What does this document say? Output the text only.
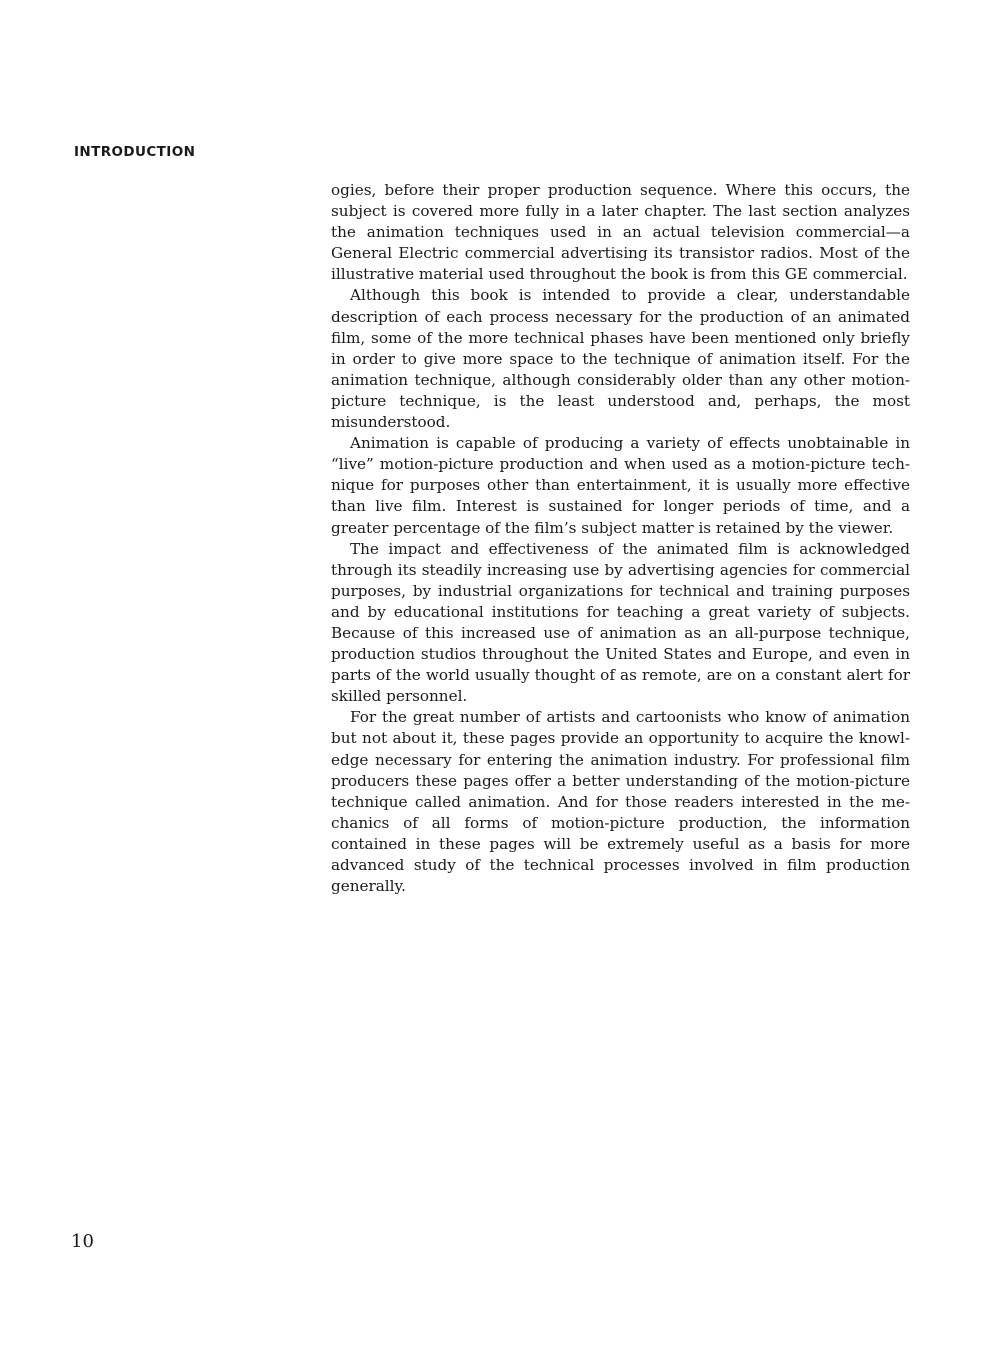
INTRODUCTION

ogies, before their proper production sequence. Where this occurs, the subject is covered more fully in a later chapter. The last section analyzes the animation techniques used in an actual television commercial—a General Electric commercial advertising its transistor radios. Most of the illustrative material used throughout the book is from this GE commercial.

Although this book is intended to provide a clear, understandable description of each process necessary for the production of an animated film, some of the more technical phases have been mentioned only briefly in order to give more space to the technique of animation itself. For the animation technique, although considerably older than any other motion-picture technique, is the least understood and, perhaps, the most misunderstood.

Animation is capable of producing a variety of effects unobtainable in “live” motion-picture production and when used as a motion-picture technique for purposes other than entertainment, it is usually more effective than live film. Interest is sustained for longer periods of time, and a greater percentage of the film’s subject matter is retained by the viewer.

The impact and effectiveness of the animated film is acknowledged through its steadily increasing use by advertising agencies for commercial purposes, by industrial organizations for technical and training purposes and by educational institutions for teaching a great variety of subjects. Because of this increased use of animation as an all-purpose technique, production studios throughout the United States and Europe, and even in parts of the world usually thought of as remote, are on a constant alert for skilled personnel.

For the great number of artists and cartoonists who know of animation but not about it, these pages provide an opportunity to acquire the knowledge necessary for entering the animation industry. For professional film producers these pages offer a better understanding of the motion-picture technique called animation. And for those readers interested in the mechanics of all forms of motion-picture production, the information contained in these pages will be extremely useful as a basis for more advanced study of the technical processes involved in film production generally.

10
